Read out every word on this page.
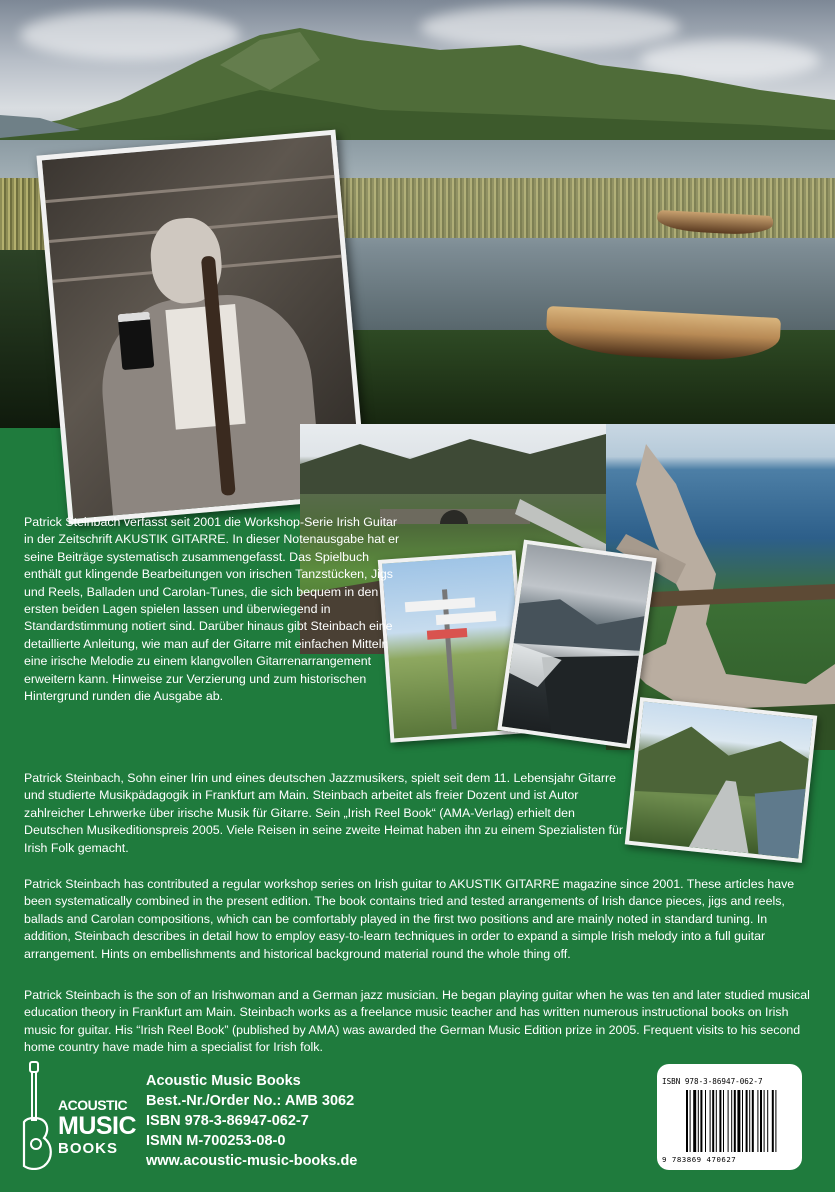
Patrick Steinbach verfasst seit 2001 die Workshop-Serie Irish Guitar in der Zeitschrift AKUSTIK GITARRE. In dieser Notenausgabe hat er seine Beiträge systematisch zusammengefasst. Das Spielbuch enthält gut klingende Bearbeitungen von irischen Tanzstücken, Jigs und Reels, Balladen und Carolan-Tunes, die sich bequem in den ersten beiden Lagen spielen lassen und überwiegend in Standardstimmung notiert sind. Darüber hinaus gibt Steinbach eine detaillierte Anleitung, wie man auf der Gitarre mit einfachen Mitteln eine irische Melodie zu einem klangvollen Gitarrenarrangement erweitern kann. Hinweise zur Verzierung und zum historischen Hintergrund runden die Ausgabe ab.
Patrick Steinbach, Sohn einer Irin und eines deutschen Jazzmusikers, spielt seit dem 11. Lebensjahr Gitarre und studierte Musikpädagogik in Frankfurt am Main. Steinbach arbeitet als freier Dozent und ist Autor zahlreicher Lehrwerke über irische Musik für Gitarre. Sein „Irish Reel Book“ (AMA-Verlag) erhielt den Deutschen Musikeditionspreis 2005. Viele Reisen in seine zweite Heimat haben ihn zu einem Spezialisten für Irish Folk gemacht.
Patrick Steinbach has contributed a regular workshop series on Irish guitar to AKUSTIK GITARRE magazine since 2001. These articles have been systematically combined in the present edition. The book contains tried and tested arrangements of Irish dance pieces, jigs and reels, ballads and Carolan compositions, which can be comfortably played in the first two positions and are mainly noted in standard tuning. In addition, Steinbach describes in detail how to employ easy-to-learn techniques in order to expand a simple Irish melody into a full guitar arrangement. Hints on embellishments and historical background material round the whole thing off.
Patrick Steinbach is the son of an Irishwoman and a German jazz musician. He began playing guitar when he was ten and later studied musical education theory in Frankfurt am Main. Steinbach works as a freelance music teacher and has written numerous instructional books on Irish music for guitar. His “Irish Reel Book” (published by AMA) was awarded the German Music Edition prize in 2005. Frequent visits to his second home country have made him a specialist for Irish folk.
ACOUSTIC
MUSIC
BOOKS
Acoustic Music Books
Best.-Nr./Order No.: AMB 3062
ISBN 978-3-86947-062-7
ISMN M-700253-08-0
www.acoustic-music-books.de
ISBN 978-3-86947-062-7
9 783869 470627
